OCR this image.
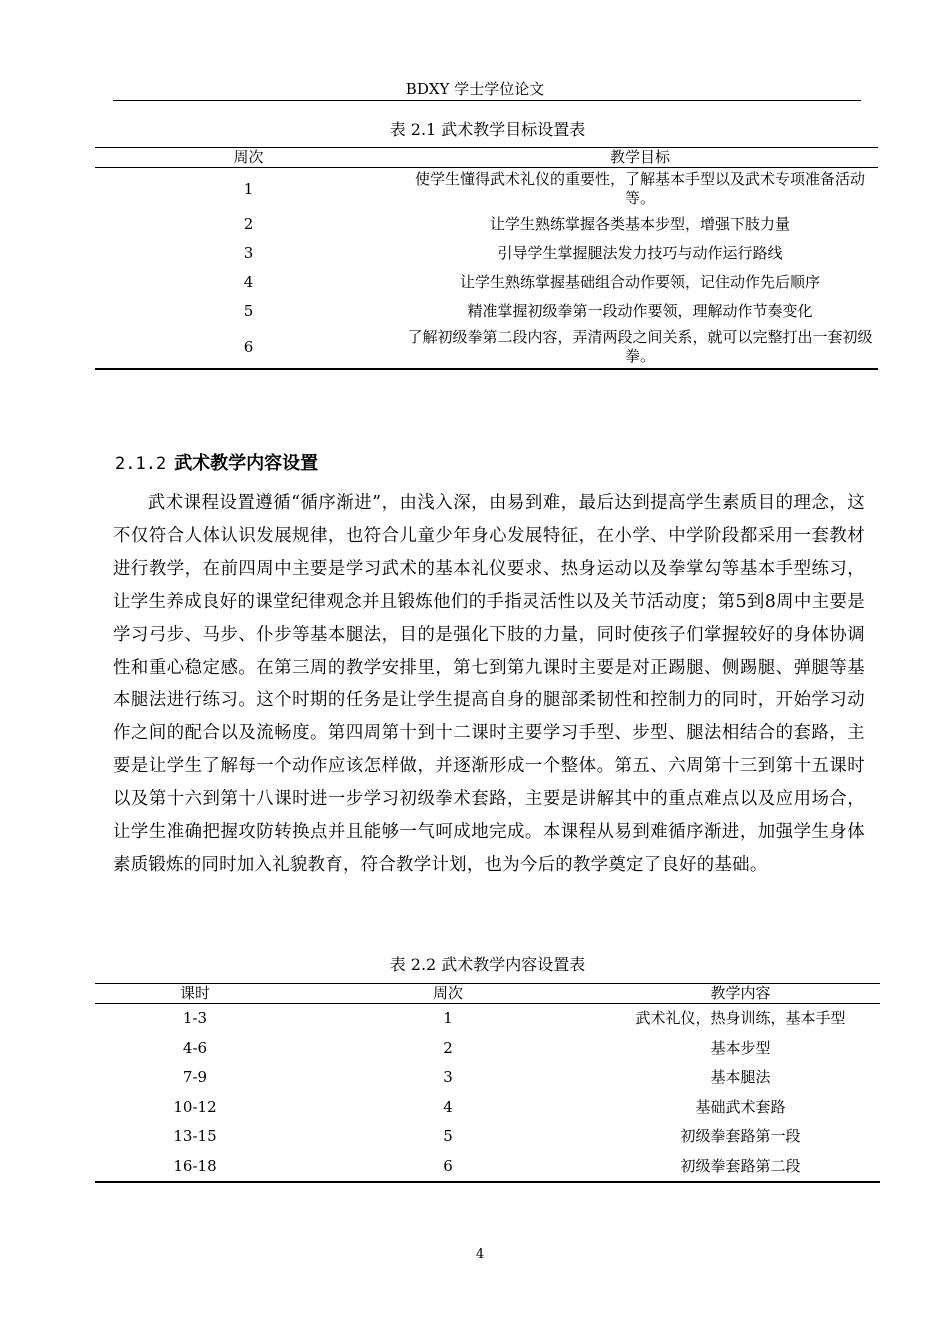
BDXY 学士学位论文
表 2.1 武术教学目标设置表
周次	教学目标
1	使学生懂得武术礼仪的重要性，了解基本手型以及武术专项准备活动等。
2	让学生熟练掌握各类基本步型，增强下肢力量
3	引导学生掌握腿法发力技巧与动作运行路线
4	让学生熟练掌握基础组合动作要领，记住动作先后顺序
5	精准掌握初级拳第一段动作要领，理解动作节奏变化
6	了解初级拳第二段内容，弄清两段之间关系，就可以完整打出一套初级拳。
2.1.2 武术教学内容设置
武术课程设置遵循“循序渐进”，由浅入深，由易到难，最后达到提高学生素质目的理念，这不仅符合人体认识发展规律，也符合儿童少年身心发展特征，在小学、中学阶段都采用一套教材进行教学，在前四周中主要是学习武术的基本礼仪要求、热身运动以及拳掌勾等基本手型练习，让学生养成良好的课堂纪律观念并且锻炼他们的手指灵活性以及关节活动度；第5到8周中主要是学习弓步、马步、仆步等基本腿法，目的是强化下肢的力量，同时使孩子们掌握较好的身体协调性和重心稳定感。在第三周的教学安排里，第七到第九课时主要是对正踢腿、侧踢腿、弹腿等基本腿法进行练习。这个时期的任务是让学生提高自身的腿部柔韧性和控制力的同时，开始学习动作之间的配合以及流畅度。第四周第十到十二课时主要学习手型、步型、腿法相结合的套路，主要是让学生了解每一个动作应该怎样做，并逐渐形成一个整体。第五、六周第十三到第十五课时以及第十六到第十八课时进一步学习初级拳术套路，主要是讲解其中的重点难点以及应用场合，让学生准确把握攻防转换点并且能够一气呵成地完成。本课程从易到难循序渐进，加强学生身体素质锻炼的同时加入礼貌教育，符合教学计划，也为今后的教学奠定了良好的基础。
表 2.2 武术教学内容设置表
课时	周次	教学内容
1-3	1	武术礼仪，热身训练，基本手型
4-6	2	基本步型
7-9	3	基本腿法
10-12	4	基础武术套路
13-15	5	初级拳套路第一段
16-18	6	初级拳套路第二段
4
